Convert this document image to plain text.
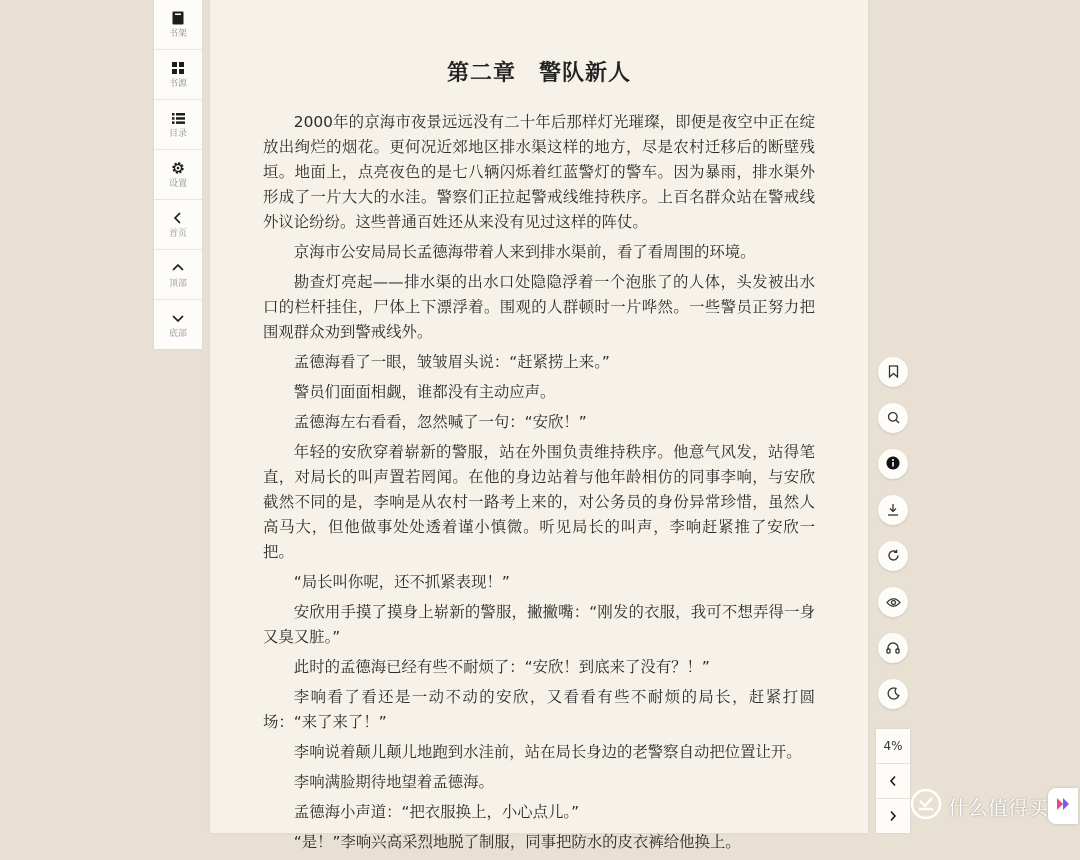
书架
书源
目录
设置
首页
顶部
底部
第二章　警队新人

2000年的京海市夜景远远没有二十年后那样灯光璀璨，即便是夜空中正在绽放出绚烂的烟花。更何况近郊地区排水渠这样的地方，尽是农村迁移后的断壁残垣。地面上，点亮夜色的是七八辆闪烁着红蓝警灯的警车。因为暴雨，排水渠外形成了一片大大的水洼。警察们正拉起警戒线维持秩序。上百名群众站在警戒线外议论纷纷。这些普通百姓还从来没有见过这样的阵仗。

京海市公安局局长孟德海带着人来到排水渠前，看了看周围的环境。

勘查灯亮起——排水渠的出水口处隐隐浮着一个泡胀了的人体，头发被出水口的栏杆挂住，尸体上下漂浮着。围观的人群顿时一片哗然。一些警员正努力把围观群众劝到警戒线外。

孟德海看了一眼，皱皱眉头说：“赶紧捞上来。”

警员们面面相觑，谁都没有主动应声。

孟德海左右看看，忽然喊了一句：“安欣！”

年轻的安欣穿着崭新的警服，站在外围负责维持秩序。他意气风发，站得笔直，对局长的叫声置若罔闻。在他的身边站着与他年龄相仿的同事李响，与安欣截然不同的是，李响是从农村一路考上来的，对公务员的身份异常珍惜，虽然人高马大，但他做事处处透着谨小慎微。听见局长的叫声，李响赶紧推了安欣一把。

“局长叫你呢，还不抓紧表现！”

安欣用手摸了摸身上崭新的警服，撇撇嘴：“刚发的衣服，我可不想弄得一身又臭又脏。”

此时的孟德海已经有些不耐烦了：“安欣！到底来了没有？！”

李响看了看还是一动不动的安欣，又看看有些不耐烦的局长，赶紧打圆场：“来了来了！”

李响说着颠儿颠儿地跑到水洼前，站在局长身边的老警察自动把位置让开。

李响满脸期待地望着孟德海。

孟德海小声道：“把衣服换上，小心点儿。”

“是！”李响兴高采烈地脱了制服，同事把防水的皮衣裤给他换上。

4%
什么值得买
